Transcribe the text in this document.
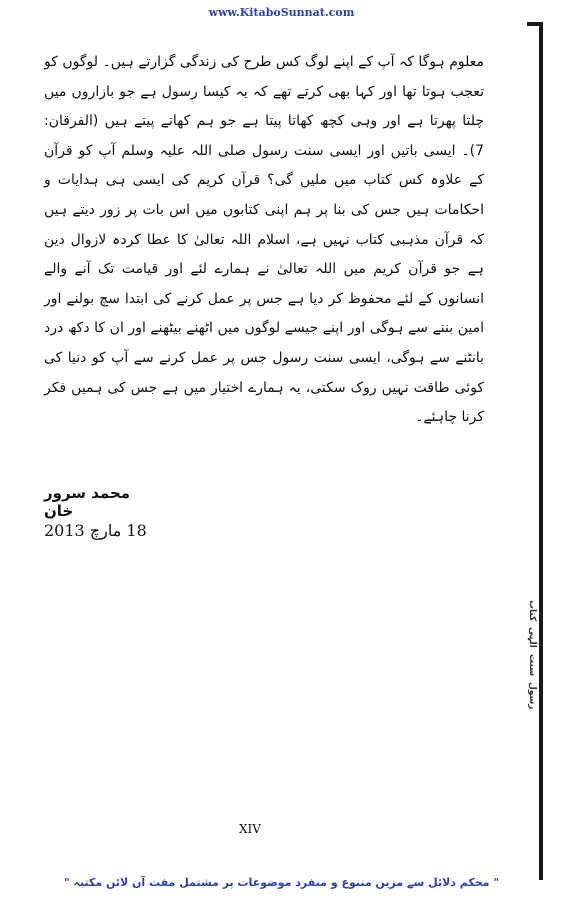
www.KitaboSunnat.com
کتاب
الٰہی
سنت
رسول

معلوم ہوگا کہ آپ کے اپنے لوگ کس طرح کی زندگی گزارتے ہیں۔ لوگوں کو تعجب ہوتا تھا اور کہا بھی کرتے تھے کہ یہ کیسا رسول ہے جو بازاروں میں چلتا پھرتا ہے اور وہی کچھ کھاتا پیتا ہے جو ہم کھاتے پیتے ہیں (الفرقان: 7)۔ ایسی باتیں اور ایسی سنت رسول صلی اللہ علیہ وسلم آپ کو قرآن کے علاوہ کس کتاب میں ملیں گی؟ قرآن کریم کی ایسی ہی ہدایات و احکامات ہیں جس کی بنا پر ہم اپنی کتابوں میں اس بات پر زور دیتے ہیں کہ قرآن مذہبی کتاب نہیں ہے، اسلام اللہ تعالیٰ کا عطا کردہ لازوال دین ہے جو قرآن کریم میں اللہ تعالیٰ نے ہمارے لئے اور قیامت تک آنے والے انسانوں کے لئے محفوظ کر دیا ہے جس پر عمل کرنے کی ابتدا سچ بولنے اور امین بننے سے ہوگی اور اپنے جیسے لوگوں میں اٹھنے بیٹھنے اور ان کا دکھ درد بانٹنے سے ہوگی، ایسی سنت رسول جس پر عمل کرنے سے آپ کو دنیا کی کوئی طاقت نہیں روک سکتی، یہ ہمارے اختیار میں ہے جس کی ہمیں فکر کرنا چاہئے۔

محمد سرور خان
18 مارچ 2013
XIV
" محکم دلائل سے مزین متنوع و منفرد موضوعات پر مشتمل مفت آن لائن مکتبہ "
